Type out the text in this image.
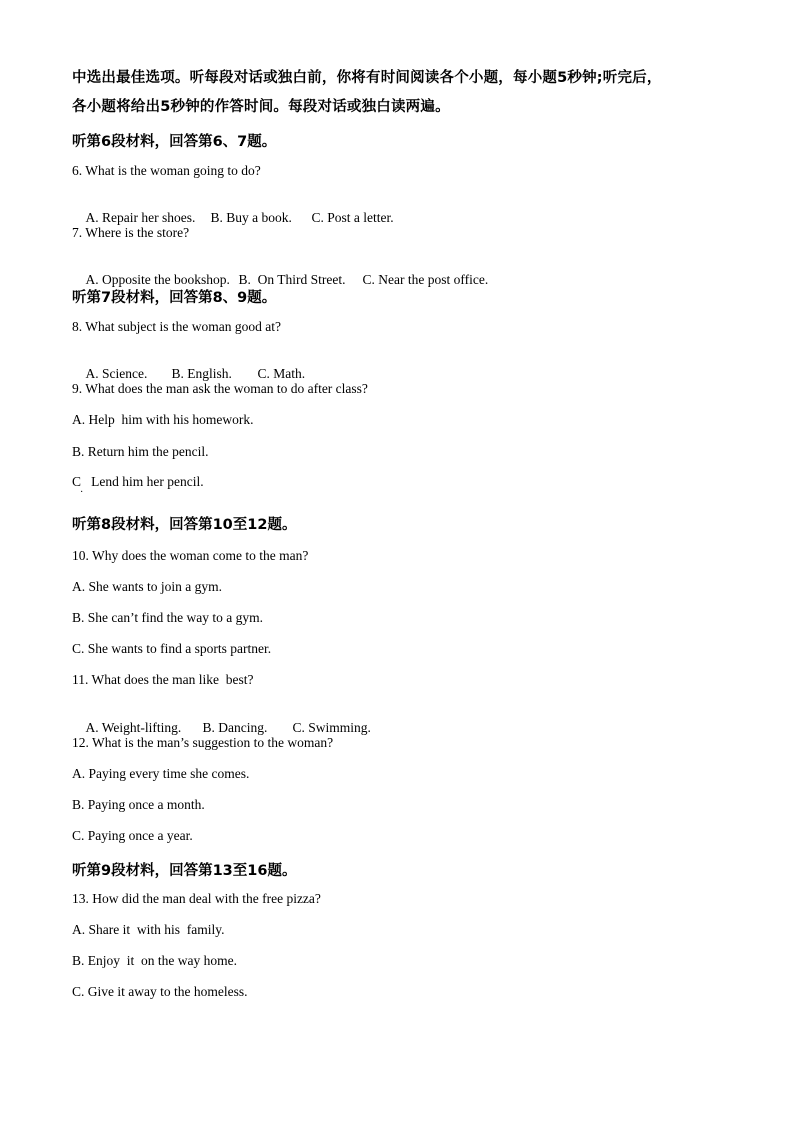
中选出最佳选项。听每段对话或独白前，你将有时间阅读各个小题，每小题5秒钟;听完后，
各小题将给出5秒钟的作答时间。每段对话或独白读两遍。
听第6段材料，回答第6、7题。
6. What is the woman going to do?

A. Repair her shoes. B. Buy a book. C. Post a letter.

7. Where is the store?

A. Opposite the bookshop. B.  On Third Street. C. Near the post office.

听第7段材料，回答第8、9题。
8. What subject is the woman good at?

A. Science. B. English. C. Math.

9. What does the man ask the woman to do after class?
A. Help  him with his homework.
B. Return him the pencil.
C   Lend him her pencil.
·
听第8段材料，回答第10至12题。
10. Why does the woman come to the man?
A. She wants to join a gym.
B. She can’t find the way to a gym.
C. She wants to find a sports partner.
11. What does the man like  best?

A. Weight-lifting. B. Dancing. C. Swimming.

12. What is the man’s suggestion to the woman?
A. Paying every time she comes.
B. Paying once a month.
C. Paying once a year.
听第9段材料，回答第13至16题。
13. How did the man deal with the free pizza?
A. Share it  with his  family.
B. Enjoy  it  on the way home.
C. Give it away to the homeless.
